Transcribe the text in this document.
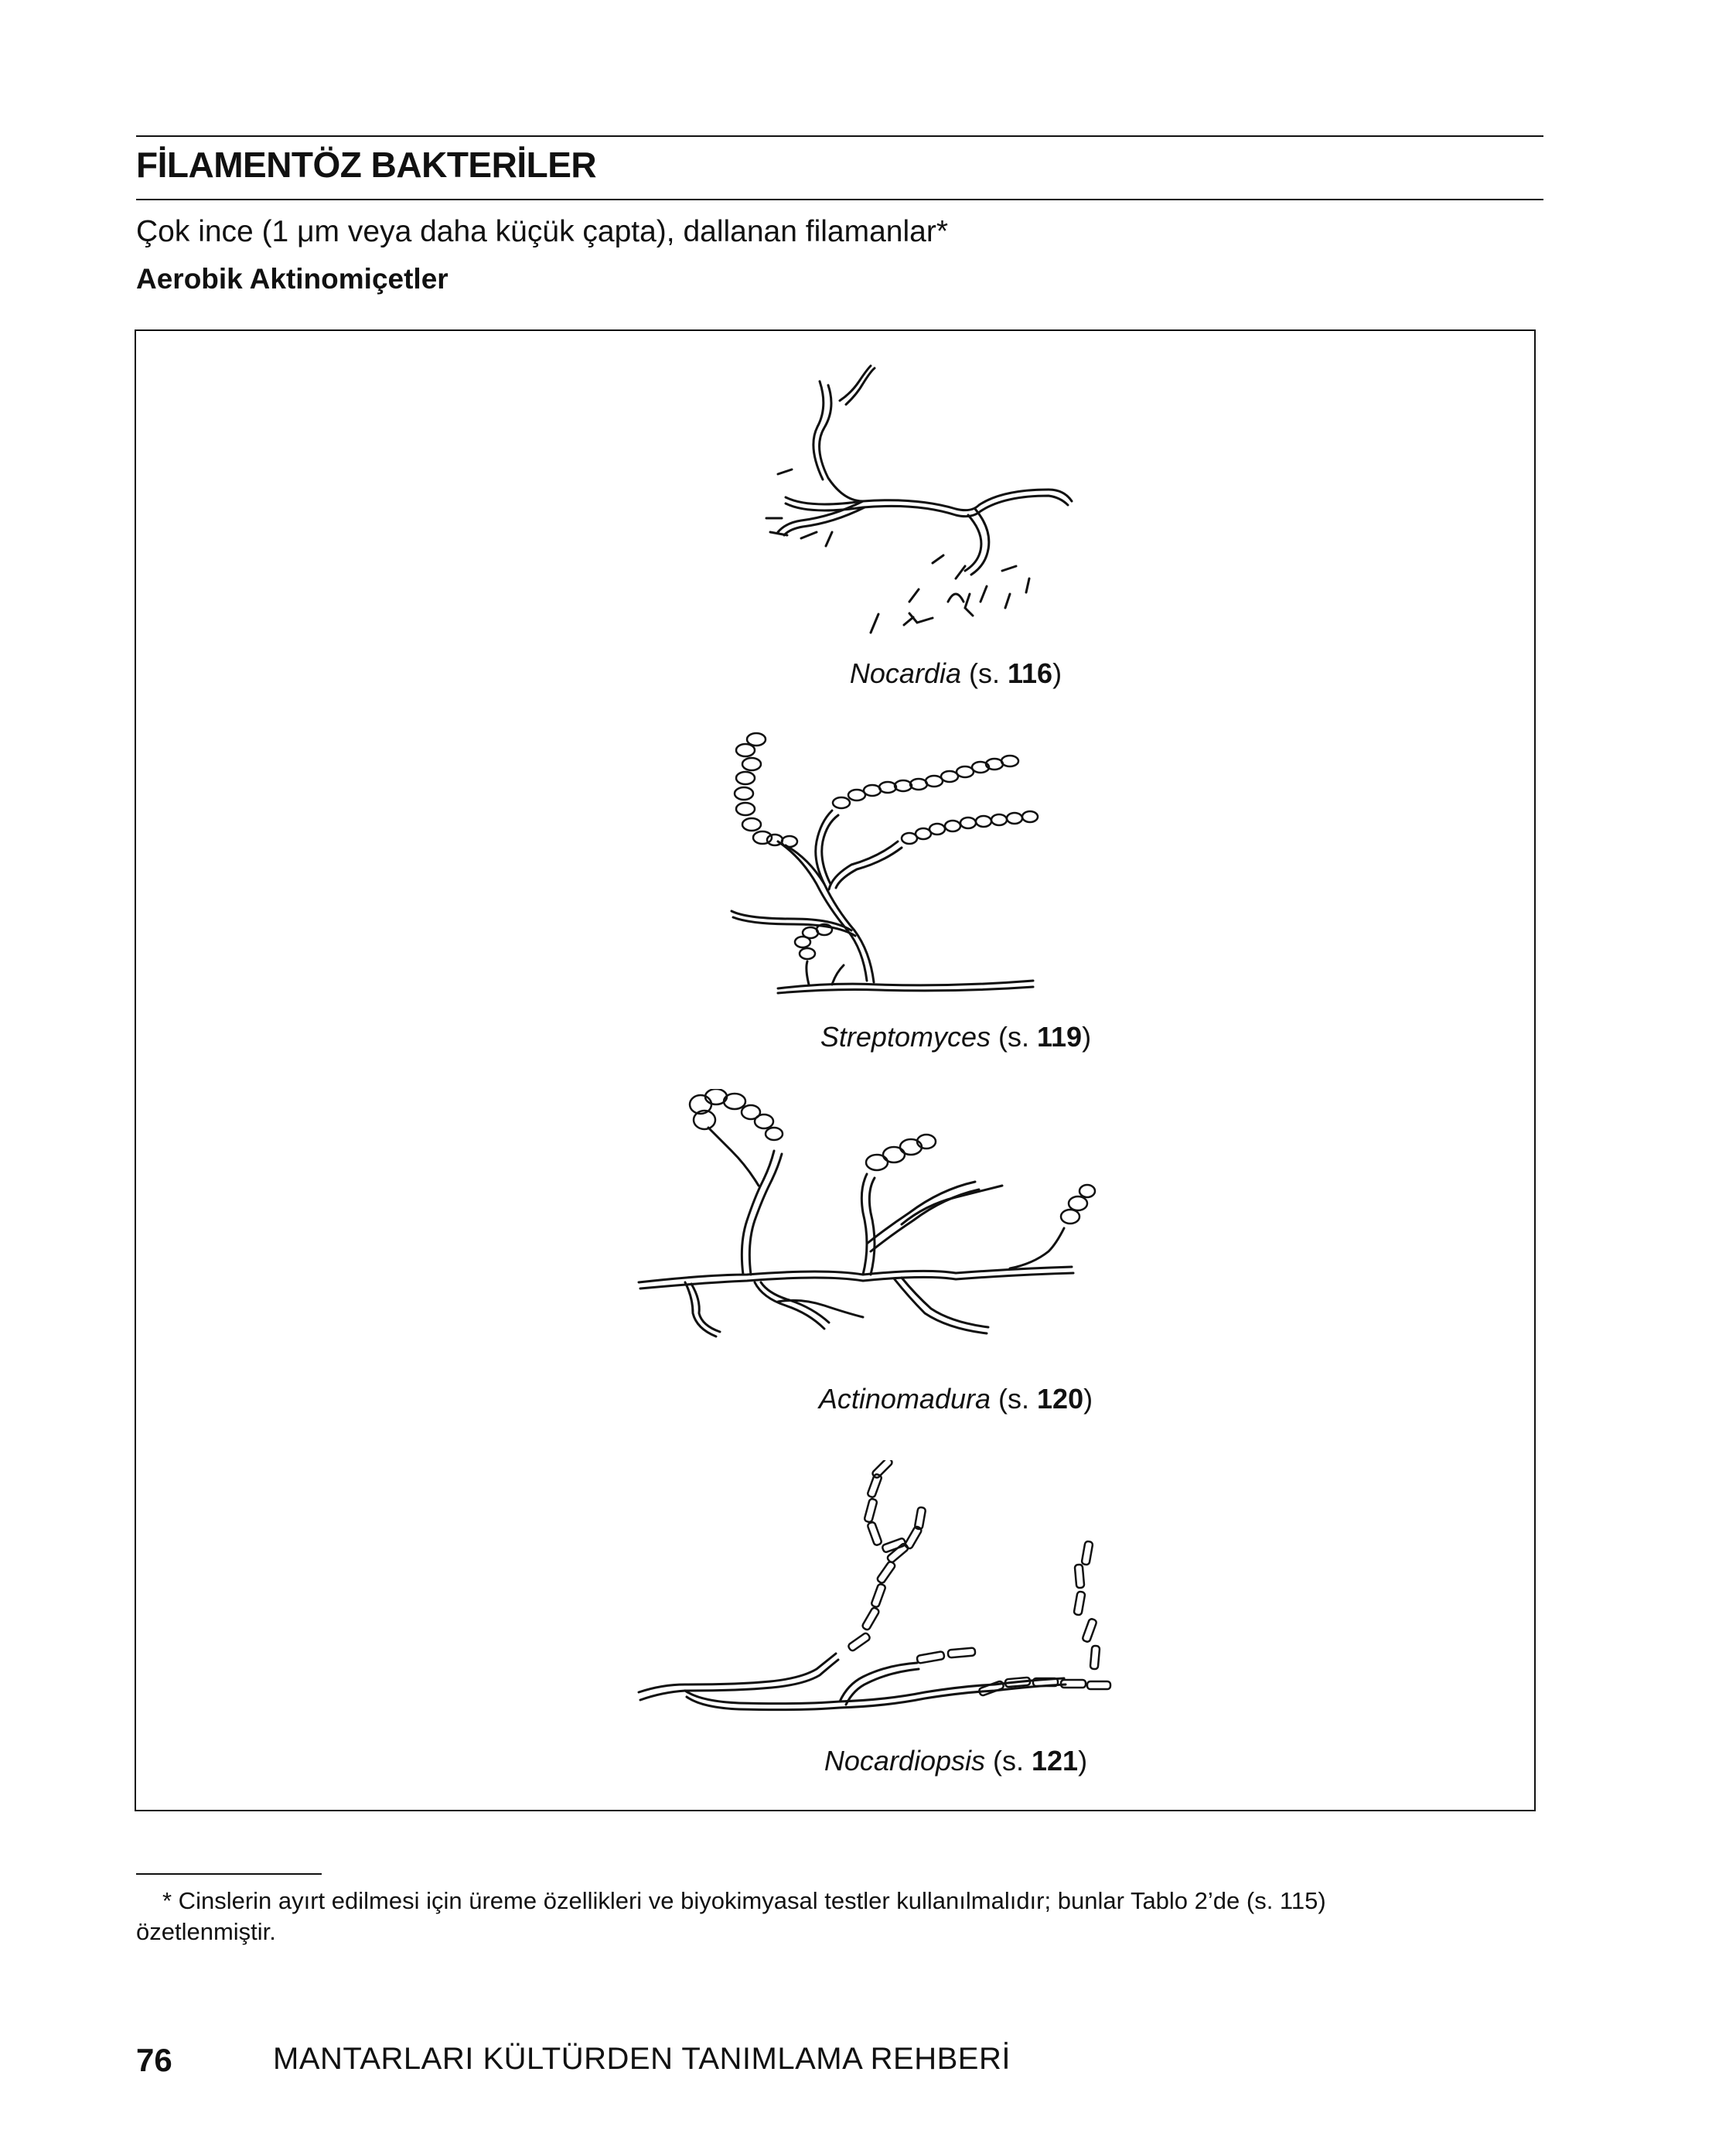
FİLAMENTÖZ BAKTERİLER
Çok ince (1 μm veya daha küçük çapta), dallanan filamanlar*
Aerobik Aktinomiçetler
Nocardia (s. 116)
Streptomyces (s. 119)
Actinomadura (s. 120)
Nocardiopsis (s. 121)
* Cinslerin ayırt edilmesi için üreme özellikleri ve biyokimyasal testler kullanılmalıdır; bunlar Tablo 2’de (s. 115)
özetlenmiştir.
76	MANTARLARI KÜLTÜRDEN TANIMLAMA REHBERİ
